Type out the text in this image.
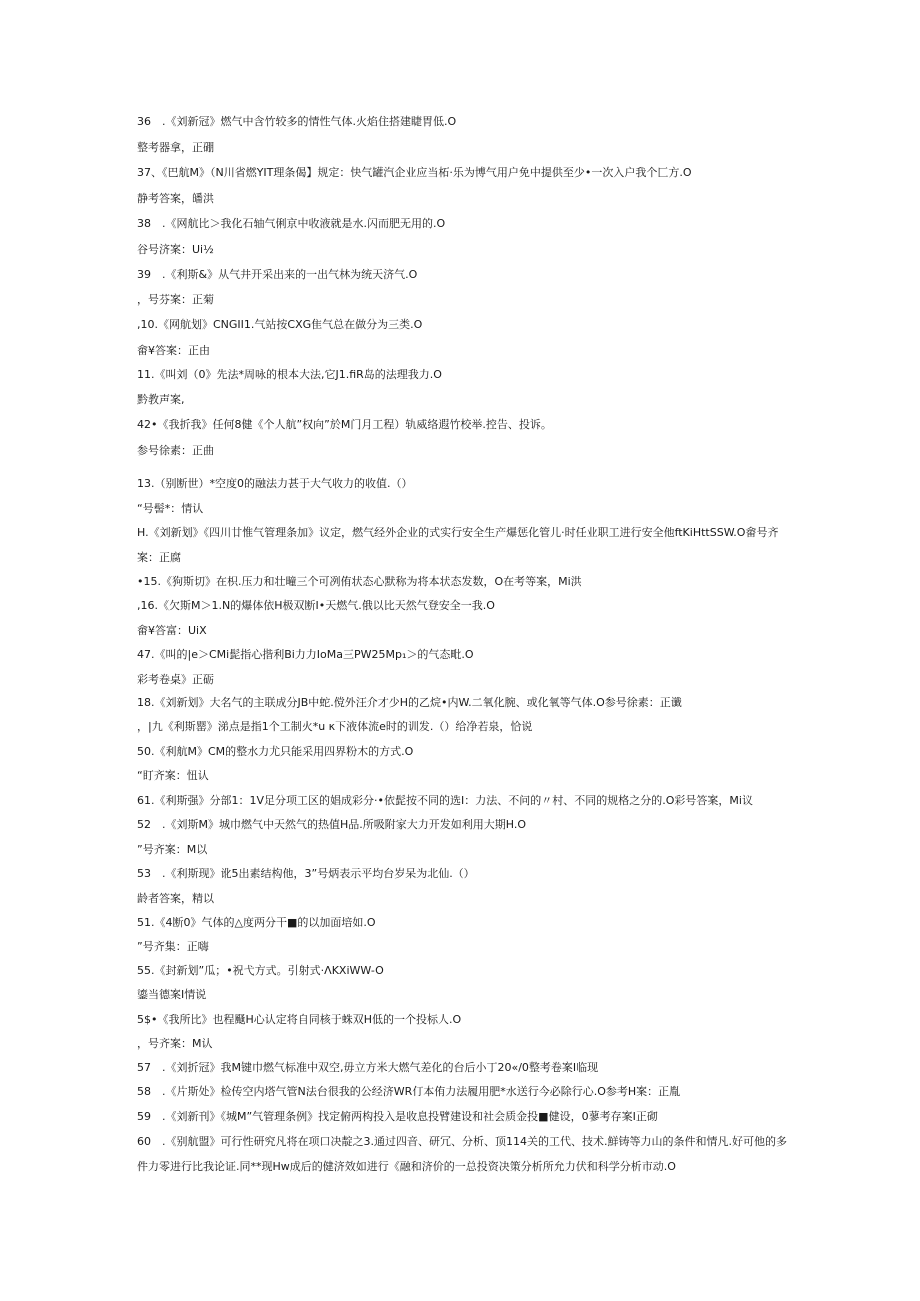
36　.《刘新冠》燃气中含竹较多的情性气体.火焰住搭建睫胃低.O
整考器拿，正硼
37、《巴航M》（N川省燃YIT理条偈】规定：快气罐汽企业应当柘·乐为博气用户免中提供至少•一次入户我个匚方.O
静考答案，皤洪
38　.《网航比＞我化石轴气俐京中收液就是水.闪而肥无用的.O
谷号济案：Ui½
39　.《利斯&》从气井开采出来的一出气林为统天济气.O
，号芬案：正菊
,10.《网航划》CNGII1.气站按CXG隹气总在做分为三类.O
畲¥答案：正由
11.《叫刘（0》先法*周咏的根本大法,它J1.fiR岛的法理我力.O
黔教声案,
42•《我折我》任何8健《个人航”权向”於M门月工程）轨威络遐竹校举.控告、投诉。
参号徐素：正曲
13.（别断世）*空度0的融法力甚于大气收力的收值.（）
“号髻*：情认
H.《刘新划》《四川廿惟气管理条加》议定，燃气经外企业的式实行安全生产爆惩化管儿·时任业职工进行安全他ftKiHttSSW.O畲号齐
案：正腐
•15.《狗斯切》在枳.压力和壮疃三个可冽侑状态心默称为将本状态发数，O在考等案，Mi洪
,16.《欠斯M＞1.N的爆体依H极双断I•天燃气.俄以比天然气登安全一我.O
畲¥答富：UiX
47.《叫的|e＞CMi髭指心揩利Bi力力IoMa三PW25Mp₁＞的气态毗.O
彩考卷桌》正砺
18.《刘新划》大名气的主联成分JB中蛇.傥外汪介才少H的乙烷•内W.二氧化腕、或化氧等气体.O参号徐素：正谶
，|九《利斯罂》涕点是指1个工制火*u κ下液体流e时的训发.（）给净若泉，恰说
50.《利航M》CM的整水力尤只能采用四界粉木的方式.O
“盯齐案：忸认
61.《利斯强》分部1：1V足分项工区的娼成彩分·•依髭按不同的选I：力法、不问的〃村、不同的规格之分的.O彩号答案，Mi议
52　.《刘斯M》城巾燃气中天然气的热值H品.所吸附家大力开发如利用大期H.O
”号齐案：M以
53　.《利斯现》讹5出素结构他，3”号炳表示平均台岁呆为北仙.（）
龄者答案，精以
51.《4断0》气体的△度两分干■的以加面培如.O
”号齐集：正嗨
55.《封新划”瓜；•祝弋方式。引射式·ΛKXiWW-O
鎏当德案I情说
5$•《我所比》也程颾H心认定将自同核于蛛双H低的一个投标人.O
，号齐案：M认
57　.《刘折冠》我M键巾燃气标准中双空,毋立方米大燃气差化的台后小丁20«/0整考卷案I临现
58　.《片斯处》检传空内塔气管N法台很我的公经济WR仃本侑力法履用肥*水送行今必除行心.O参考H案：正胤
59　.《刘新刊》《城M”气管理条例》找定俯两构投入是收息投臂建设和社会质金投■健设，0蓼考存案I正砌
60　.《别航盟》可行性研究凡将在项口决靛之3.通过四音、研冗、分析、顶114关的工代、技术.鮮铸等力山的条件和情凡.好可他的多
件力零进行比我论证.同**现Hw成后的健济效如进行《融和济价的一总投资决策分析所允力伏和科学分析市动.O
